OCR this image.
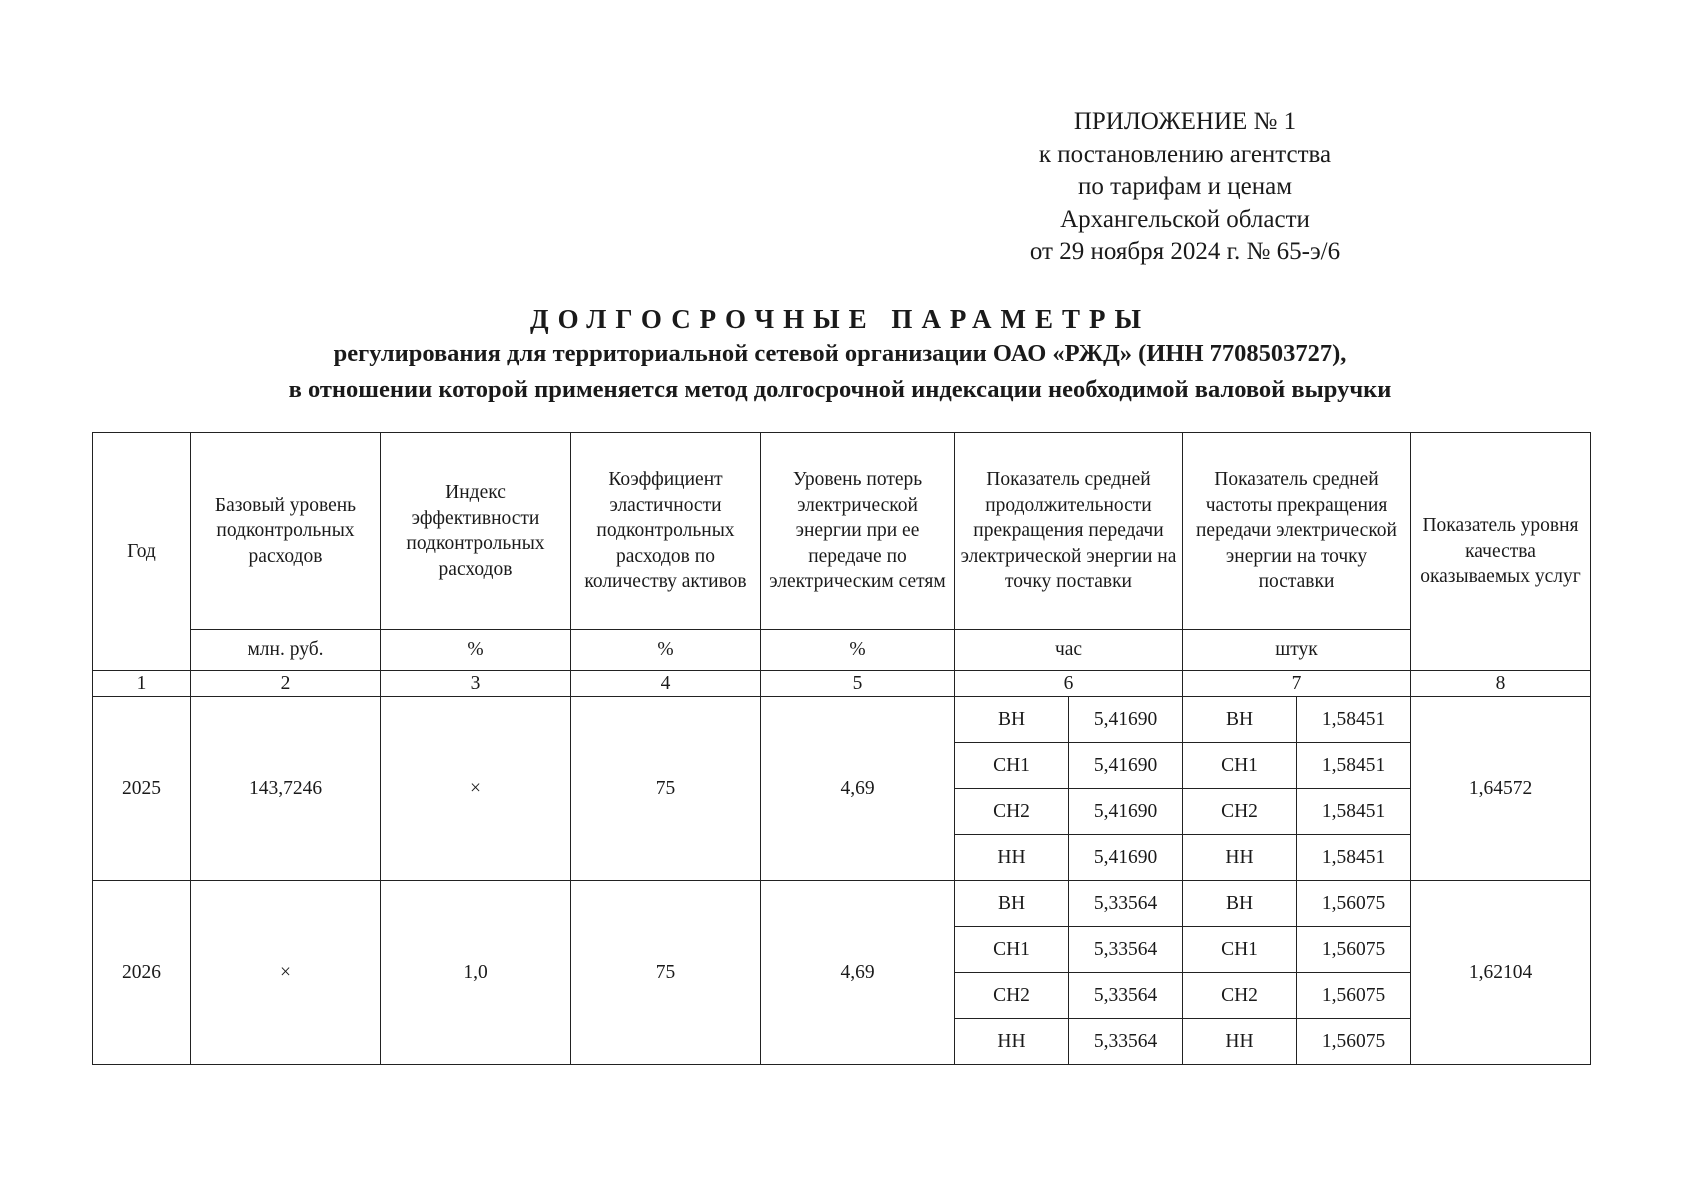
ПРИЛОЖЕНИЕ № 1
к постановлению агентства
по тарифам и ценам
Архангельской области
от 29 ноября 2024 г. № 65-э/6
ДОЛГОСРОЧНЫЕ ПАРАМЕТРЫ
регулирования для территориальной сетевой организации ОАО «РЖД» (ИНН 7708503727),
в отношении которой применяется метод долгосрочной индексации необходимой валовой выручки
Год	Базовый уровень подконтрольных расходов	Индекс эффективности подконтрольных расходов	Коэффициент эластичности подконтрольных расходов по количеству активов	Уровень потерь электрической энергии при ее передаче по электрическим сетям	Показатель средней продолжительности прекращения передачи электрической энергии на точку поставки		Показатель средней частоты прекращения передачи электрической энергии на точку поставки		Показатель уровня качества оказываемых услуг
	млн. руб.	%	%	%	час		штук		
1	2	3	4	5	6		7		8
2025	143,7246	×	75	4,69	ВН	5,41690	ВН	1,58451	1,64572
					СН1	5,41690	СН1	1,58451	
					СН2	5,41690	СН2	1,58451	
					НН	5,41690	НН	1,58451	
2026	×	1,0	75	4,69	ВН	5,33564	ВН	1,56075	1,62104
					СН1	5,33564	СН1	1,56075	
					СН2	5,33564	СН2	1,56075	
					НН	5,33564	НН	1,56075	
